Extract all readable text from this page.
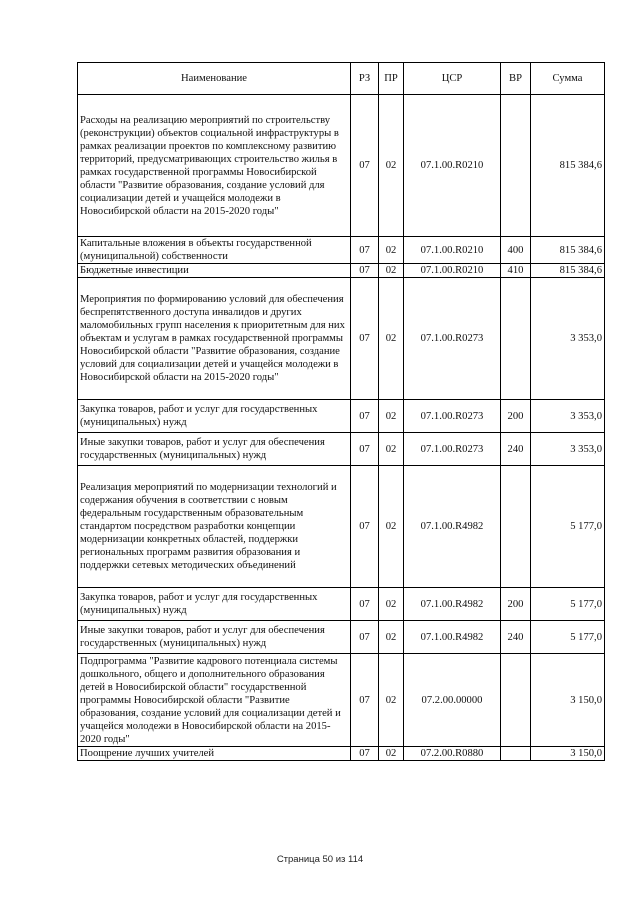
Наименование	РЗ	ПР	ЦСР	ВР	Сумма
Расходы на реализацию мероприятий по строительству (реконструкции) объектов социальной инфраструктуры в рамках реализации проектов по комплексному развитию территорий, предусматривающих строительство жилья в рамках государственной программы Новосибирской области "Развитие образования, создание условий для социализации детей и учащейся молодежи в Новосибирской области на 2015-2020 годы"	07	02	07.1.00.R0210		815 384,6
Капитальные вложения в объекты государственной (муниципальной) собственности	07	02	07.1.00.R0210	400	815 384,6
Бюджетные инвестиции	07	02	07.1.00.R0210	410	815 384,6
Мероприятия по формированию условий для обеспечения беспрепятственного доступа инвалидов и других маломобильных групп населения к приоритетным для них объектам и услугам в рамках государственной программы Новосибирской области "Развитие образования, создание условий для социализации детей и учащейся молодежи в Новосибирской области на 2015-2020 годы"	07	02	07.1.00.R0273		3 353,0
Закупка товаров, работ и услуг для государственных (муниципальных) нужд	07	02	07.1.00.R0273	200	3 353,0
Иные закупки товаров, работ и услуг для обеспечения государственных (муниципальных) нужд	07	02	07.1.00.R0273	240	3 353,0
Реализация мероприятий по модернизации технологий и содержания обучения в соответствии с новым федеральным государственным образовательным стандартом посредством разработки концепции модернизации конкретных областей, поддержки региональных программ развития образования и поддержки сетевых методических объединений	07	02	07.1.00.R4982		5 177,0
Закупка товаров, работ и услуг для государственных (муниципальных) нужд	07	02	07.1.00.R4982	200	5 177,0
Иные закупки товаров, работ и услуг для обеспечения государственных (муниципальных) нужд	07	02	07.1.00.R4982	240	5 177,0
Подпрограмма "Развитие кадрового потенциала системы дошкольного, общего и дополнительного образования детей в Новосибирской области" государственной программы Новосибирской области "Развитие образования, создание условий для социализации детей и учащейся молодежи в Новосибирской области на 2015-2020 годы"	07	02	07.2.00.00000		3 150,0
Поощрение лучших учителей	07	02	07.2.00.R0880		3 150,0
Страница 50 из 114
